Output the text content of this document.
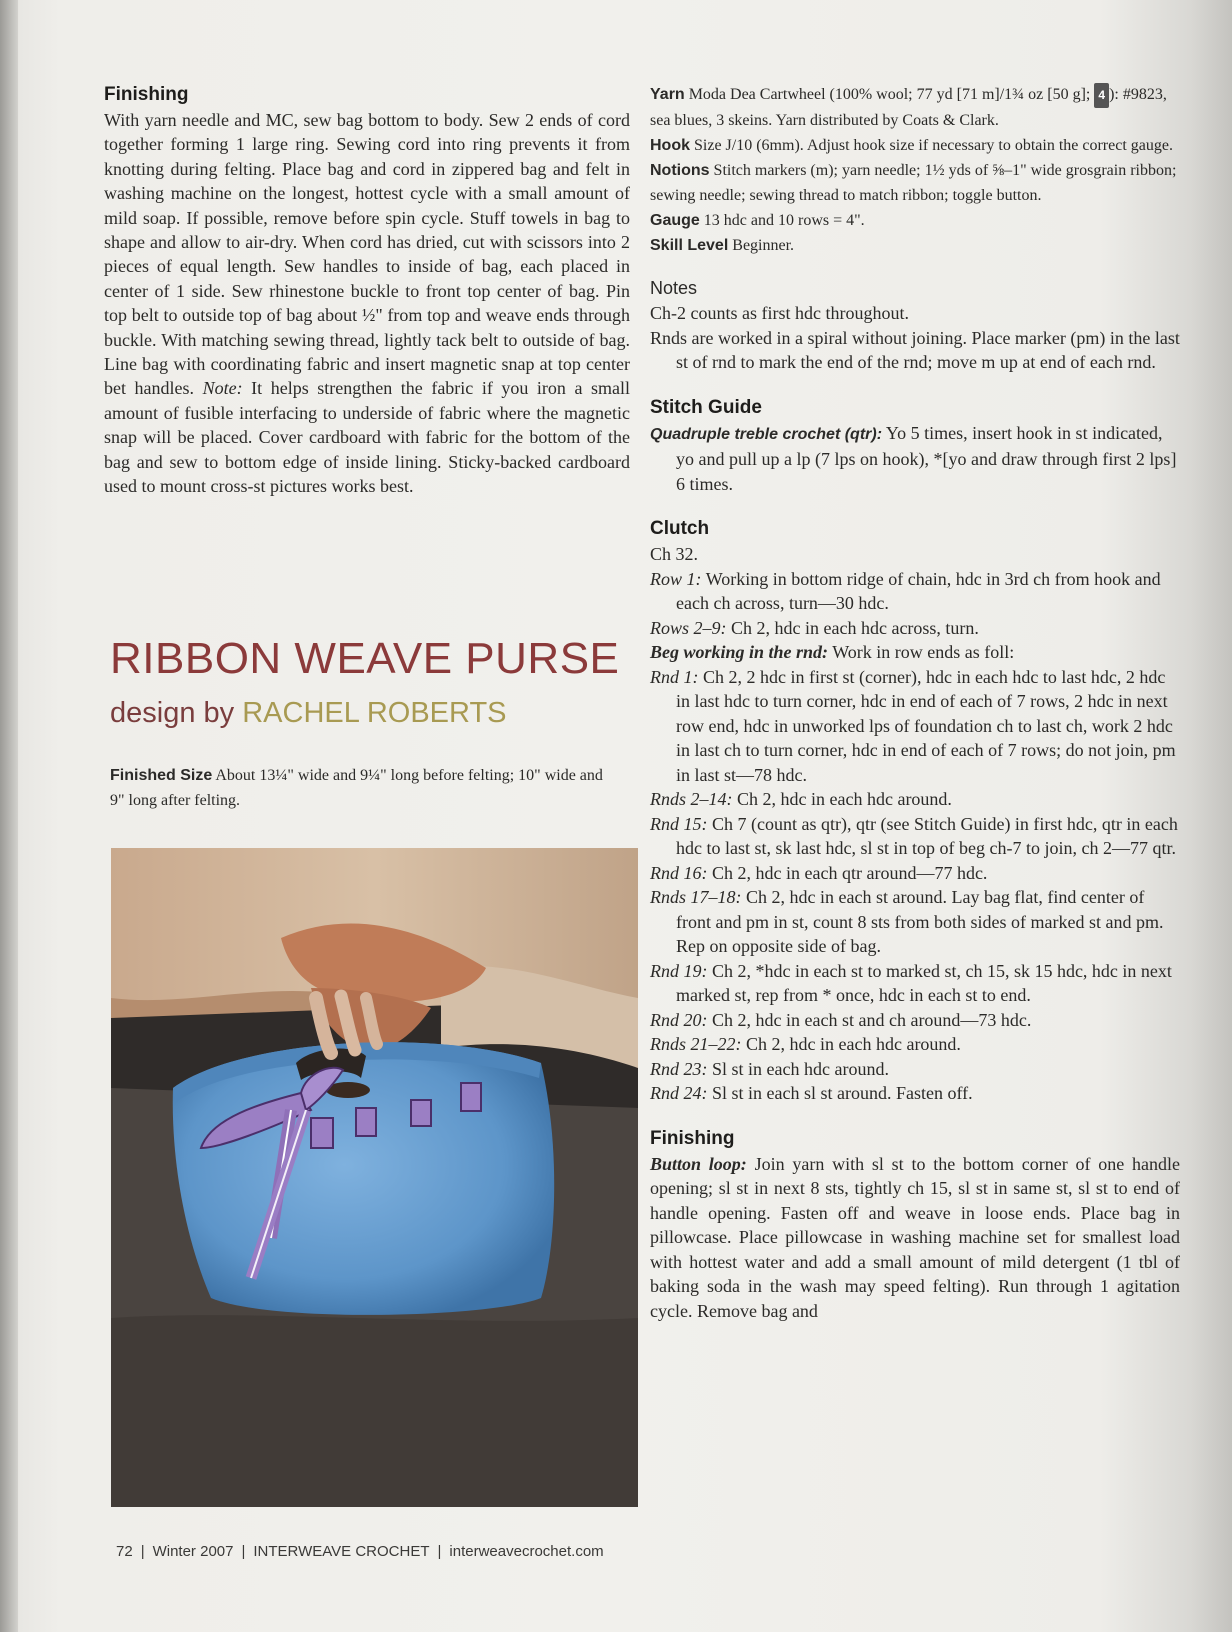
Finishing

With yarn needle and MC, sew bag bottom to body. Sew 2 ends of cord together forming 1 large ring. Sewing cord into ring prevents it from knotting during felting. Place bag and cord in zippered bag and felt in washing machine on the longest, hottest cycle with a small amount of mild soap. If possible, remove before spin cycle. Stuff towels in bag to shape and allow to air-dry. When cord has dried, cut with scissors into 2 pieces of equal length. Sew handles to inside of bag, each placed in center of 1 side. Sew rhinestone buckle to front top center of bag. Pin top belt to outside top of bag about ½" from top and weave ends through buckle. With matching sewing thread, lightly tack belt to outside of bag. Line bag with coordinating fabric and insert magnetic snap at top center bet handles. Note: It helps strengthen the fabric if you iron a small amount of fusible interfacing to underside of fabric where the magnetic snap will be placed. Cover cardboard with fabric for the bottom of the bag and sew to bottom edge of inside lining. Sticky-backed cardboard used to mount cross-st pictures works best.

RIBBON WEAVE PURSE

design by RACHEL ROBERTS

Finished Size About 13¼" wide and 9¼" long before felting; 10" wide and 9" long after felting.

Yarn Moda Dea Cartwheel (100% wool; 77 yd [71 m]/1¾ oz [50 g]; 4 ): #9823, sea blues, 3 skeins. Yarn distributed by Coats & Clark.

Hook Size J/10 (6mm). Adjust hook size if necessary to obtain the correct gauge.

Notions Stitch markers (m); yarn needle; 1½ yds of ⅝–1" wide grosgrain ribbon; sewing needle; sewing thread to match ribbon; toggle button.

Gauge 13 hdc and 10 rows = 4".

Skill Level Beginner.

Notes

Ch-2 counts as first hdc throughout.

Rnds are worked in a spiral without joining. Place marker (pm) in the last st of rnd to mark the end of the rnd; move m up at end of each rnd.

Stitch Guide

Quadruple treble crochet (qtr): Yo 5 times, insert hook in st indicated, yo and pull up a lp (7 lps on hook), *[yo and draw through first 2 lps] 6 times.

Clutch

Ch 32.

Row 1: Working in bottom ridge of chain, hdc in 3rd ch from hook and each ch across, turn—30 hdc.

Rows 2–9: Ch 2, hdc in each hdc across, turn.

Beg working in the rnd: Work in row ends as foll:

Rnd 1: Ch 2, 2 hdc in first st (corner), hdc in each hdc to last hdc, 2 hdc in last hdc to turn corner, hdc in end of each of 7 rows, 2 hdc in next row end, hdc in unworked lps of foundation ch to last ch, work 2 hdc in last ch to turn corner, hdc in end of each of 7 rows; do not join, pm in last st—78 hdc.

Rnds 2–14: Ch 2, hdc in each hdc around.

Rnd 15: Ch 7 (count as qtr), qtr (see Stitch Guide) in first hdc, qtr in each hdc to last st, sk last hdc, sl st in top of beg ch-7 to join, ch 2—77 qtr.

Rnd 16: Ch 2, hdc in each qtr around—77 hdc.

Rnds 17–18: Ch 2, hdc in each st around. Lay bag flat, find center of front and pm in st, count 8 sts from both sides of marked st and pm. Rep on opposite side of bag.

Rnd 19: Ch 2, *hdc in each st to marked st, ch 15, sk 15 hdc, hdc in next marked st, rep from * once, hdc in each st to end.

Rnd 20: Ch 2, hdc in each st and ch around—73 hdc.

Rnds 21–22: Ch 2, hdc in each hdc around.

Rnd 23: Sl st in each hdc around.

Rnd 24: Sl st in each sl st around. Fasten off.

Finishing

Button loop: Join yarn with sl st to the bottom corner of one handle opening; sl st in next 8 sts, tightly ch 15, sl st in same st, sl st to end of handle opening. Fasten off and weave in loose ends. Place bag in pillowcase. Place pillowcase in washing machine set for smallest load with hottest water and add a small amount of mild detergent (1 tbl of baking soda in the wash may speed felting). Run through 1 agitation cycle. Remove bag and

72 | Winter 2007 | INTERWEAVE CROCHET | interweavecrochet.com
